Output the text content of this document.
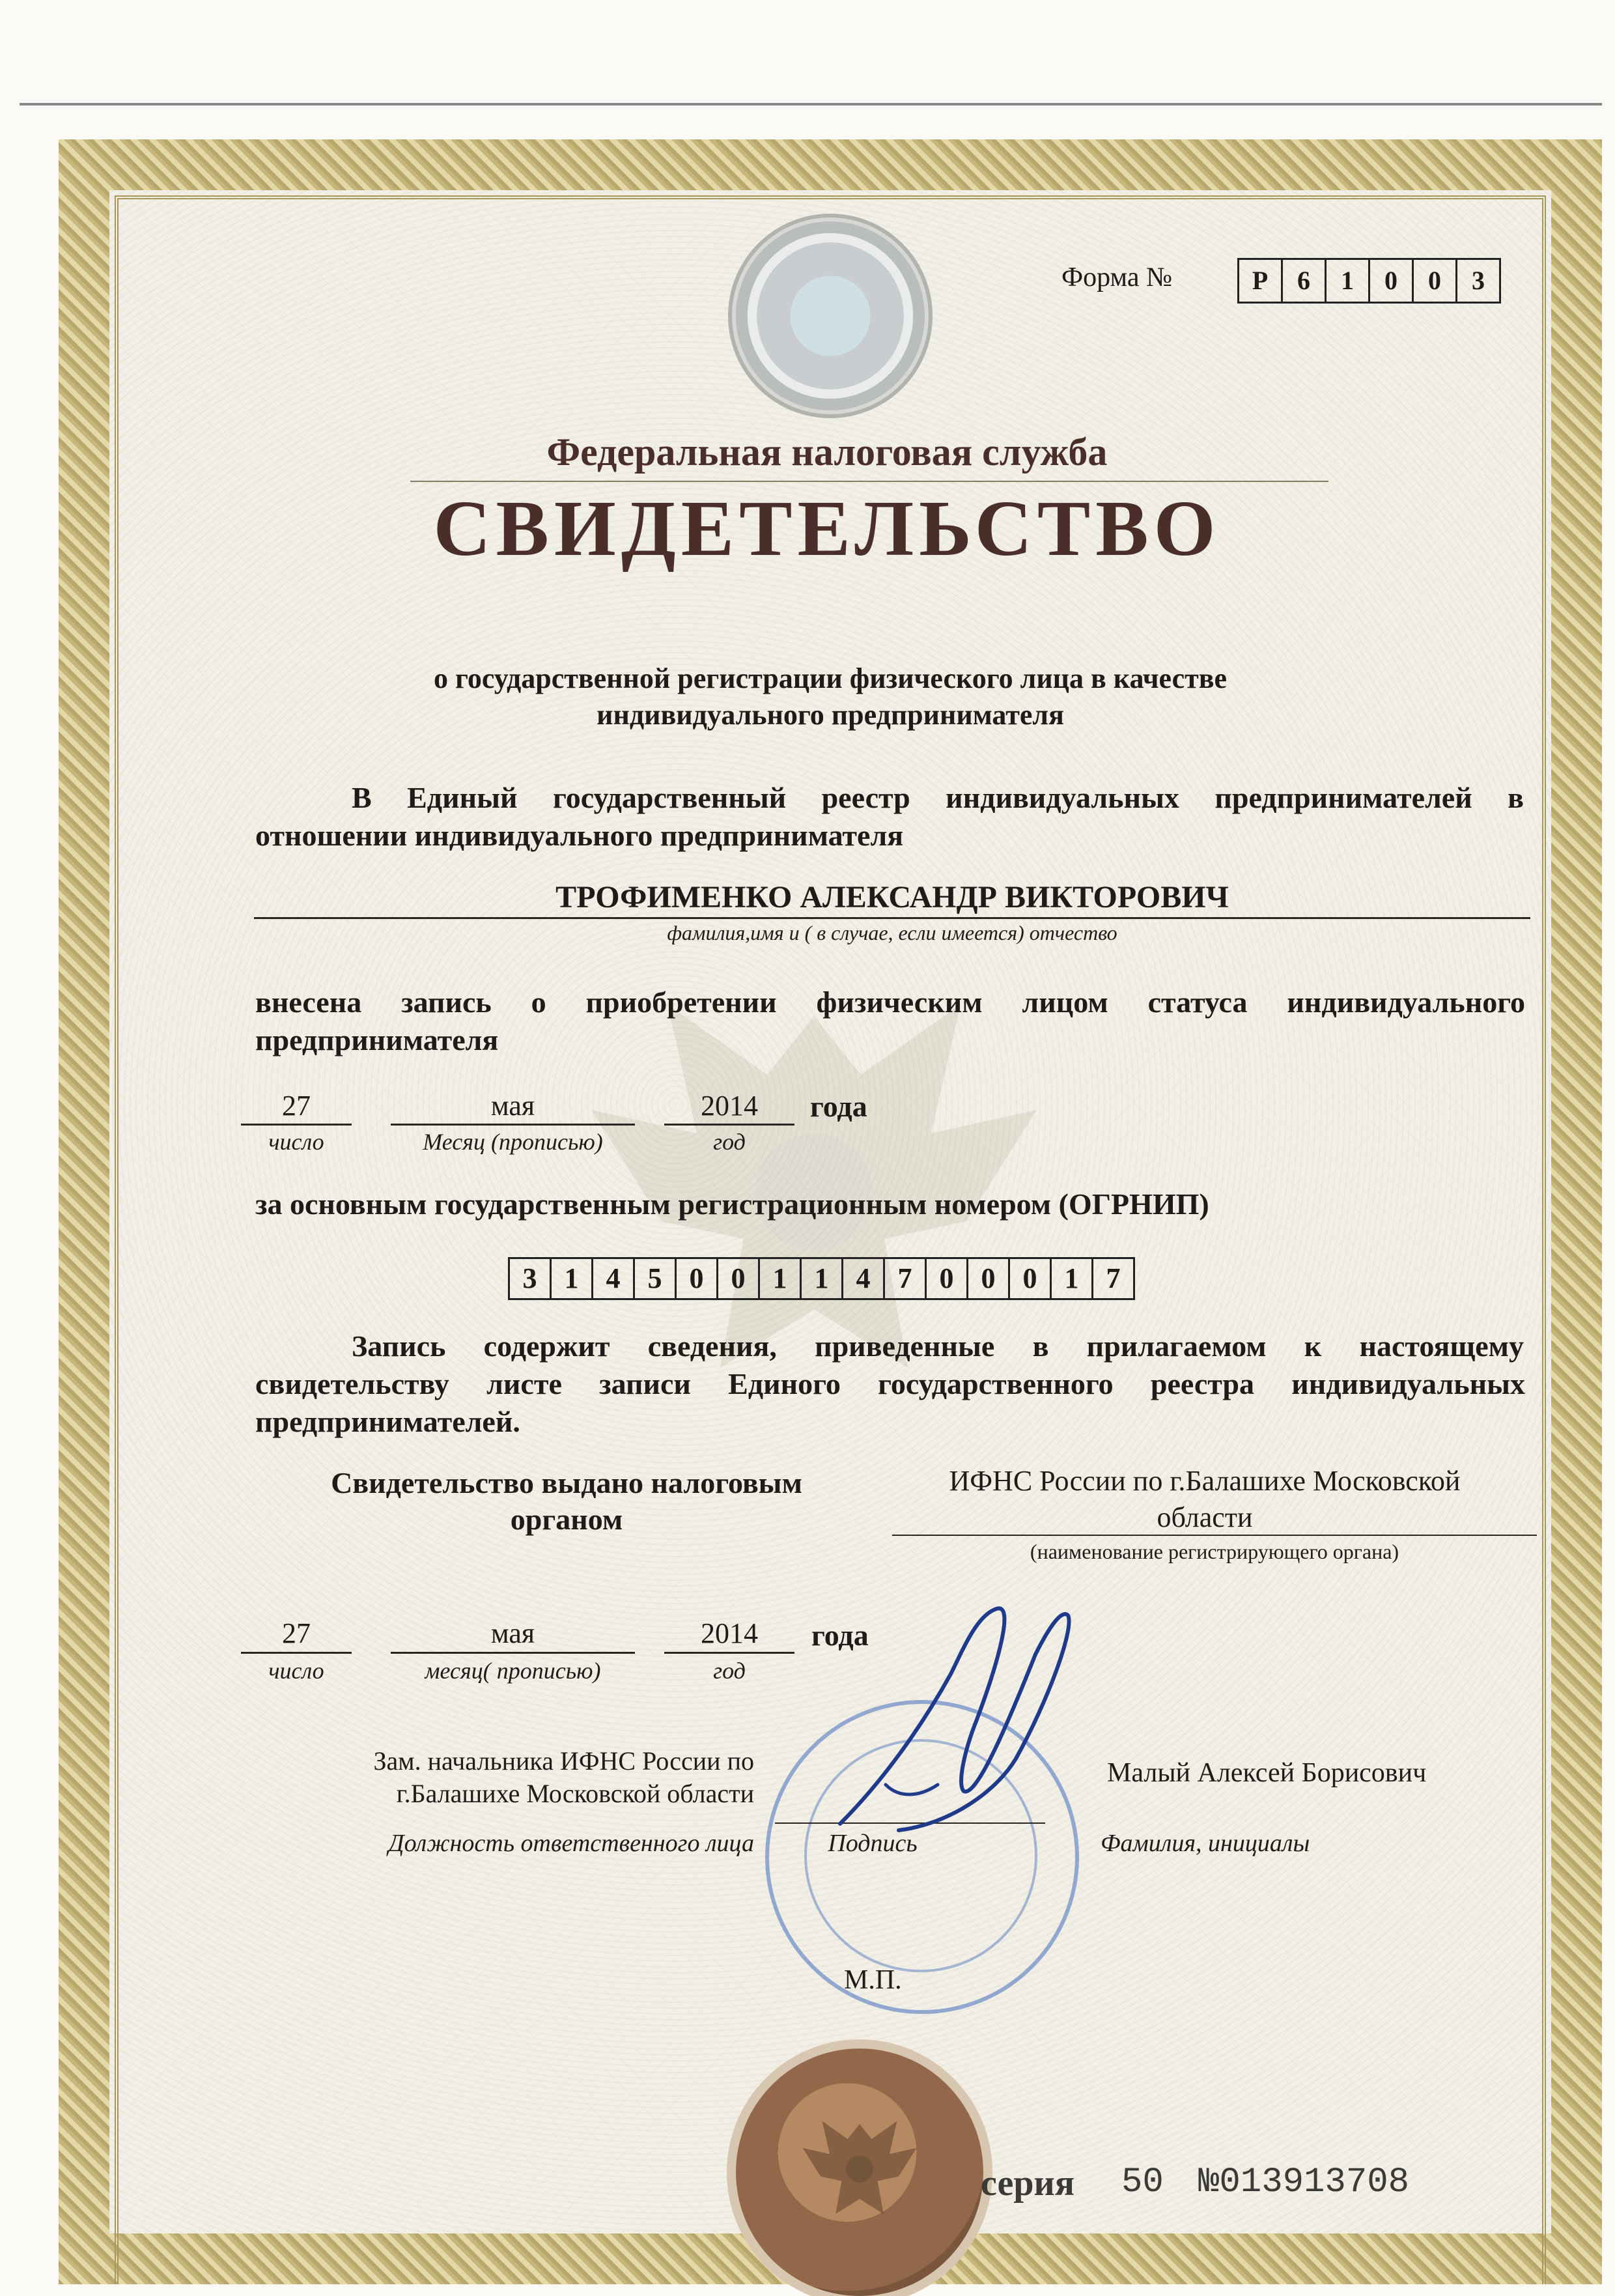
Форма №	Р	6	1	0	0	3
Федеральная налоговая служба
СВИДЕТЕЛЬСТВО
о государственной регистрации физического лица в качестве
индивидуального предпринимателя
В Единый государственный реестр индивидуальных предпринимателей в
отношении индивидуального предпринимателя
ТРОФИМЕНКО АЛЕКСАНДР ВИКТОРОВИЧ
фамилия,имя и ( в случае, если имеется) отчество
внесена запись о приобретении физическим лицом статуса индивидуального
предпринимателя
27
число
мая
Месяц (прописью)
2014
год
года
за основным государственным регистрационным номером (ОГРНИП)
3 1 4 5 0 0 1 1 4 7 0 0 0 1 7
Запись содержит сведения, приведенные в прилагаемом к настоящему
свидетельству листе записи Единого государственного реестра индивидуальных
предпринимателей.
Свидетельство выдано налоговым
органом
ИФНС России по г.Балашихе Московской
области
(наименование регистрирующего органа)
27
число
мая
месяц( прописью)
2014
год
года
Зам. начальника ИФНС России по
г.Балашихе Московской области
Должность ответственного лица	Подпись
Малый Алексей Борисович
Фамилия, инициалы
М.П.
серия 50 №013913708
